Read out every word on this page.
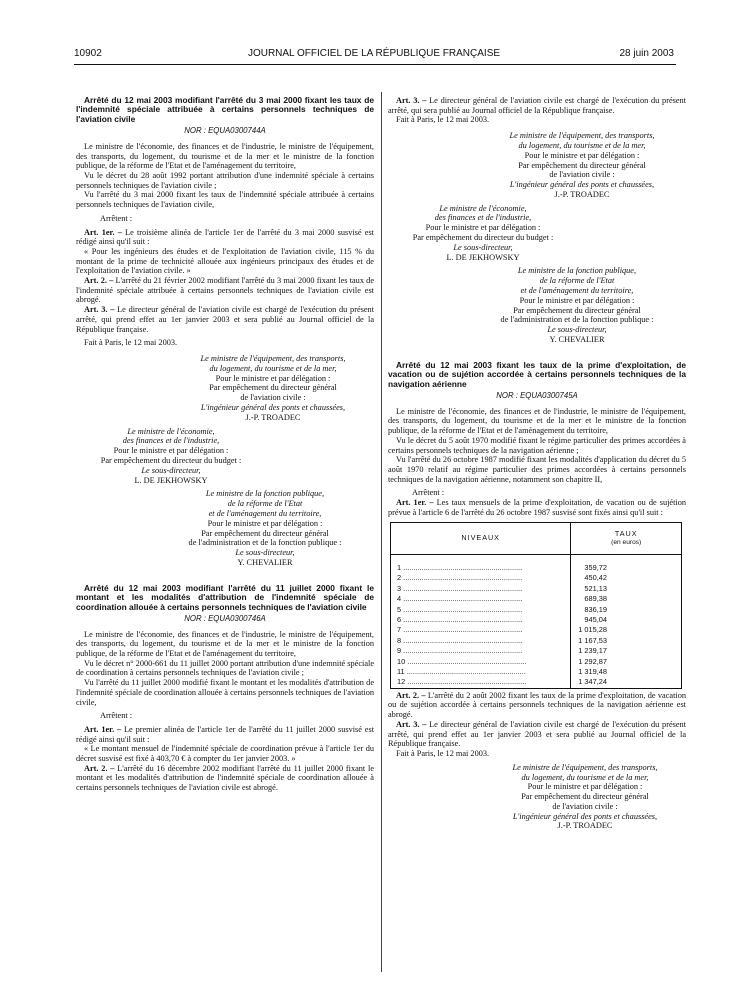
10902	JOURNAL OFFICIEL DE LA RÉPUBLIQUE FRANÇAISE	28 juin 2003

Arrêté du 12 mai 2003 modifiant l'arrêté du 3 mai 2000 fixant les taux de l'indemnité spéciale attribuée à certains personnels techniques de l'aviation civile

NOR : EQUA0300744A

Le ministre de l'économie, des finances et de l'industrie, le ministre de l'équipement, des transports, du logement, du tourisme et de la mer et le ministre de la fonction publique, de la réforme de l'Etat et de l'aménagement du territoire,

Vu le décret du 28 août 1992 portant attribution d'une indemnité spéciale à certains personnels techniques de l'aviation civile ;

Vu l'arrêté du 3 mai 2000 fixant les taux de l'indemnité spéciale attribuée à certains personnels techniques de l'aviation civile,

Arrêtent :

Art. 1er. – Le troisième alinéa de l'article 1er de l'arrêté du 3 mai 2000 susvisé est rédigé ainsi qu'il suit :

« Pour les ingénieurs des études et de l'exploitation de l'aviation civile, 115 % du montant de la prime de technicité allouée aux ingénieurs principaux des études et de l'exploitation de l'aviation civile. »

Art. 2. – L'arrêté du 21 février 2002 modifiant l'arrêté du 3 mai 2000 fixant les taux de l'indemnité spéciale attribuée à certains personnels techniques de l'aviation civile est abrogé.

Art. 3. – Le directeur général de l'aviation civile est chargé de l'exécution du présent arrêté, qui prend effet au 1er janvier 2003 et sera publié au Journal officiel de la République française.

Fait à Paris, le 12 mai 2003.

Le ministre de l'équipement, des transports,
du logement, du tourisme et de la mer,
Pour le ministre et par délégation :
Par empêchement du directeur général
de l'aviation civile :
L'ingénieur général des ponts et chaussées,
J.-P. TROADEC
Le ministre de l'économie,
des finances et de l'industrie,
Pour le ministre et par délégation :
Par empêchement du directeur du budget :
Le sous-directeur,
L. DE JEKHOWSKY
Le ministre de la fonction publique,
de la réforme de l'Etat
et de l'aménagement du territoire,
Pour le ministre et par délégation :
Par empêchement du directeur général
de l'administration et de la fonction publique :
Le sous-directeur,
Y. CHEVALIER

Arrêté du 12 mai 2003 modifiant l'arrêté du 11 juillet 2000 fixant le montant et les modalités d'attribution de l'indemnité spéciale de coordination allouée à certains personnels techniques de l'aviation civile

NOR : EQUA0300746A

Le ministre de l'économie, des finances et de l'industrie, le ministre de l'équipement, des transports, du logement, du tourisme et de la mer et le ministre de la fonction publique, de la réforme de l'Etat et de l'aménagement du territoire,

Vu le décret n° 2000-661 du 11 juillet 2000 portant attribution d'une indemnité spéciale de coordination à certains personnels techniques de l'aviation civile ;

Vu l'arrêté du 11 juillet 2000 modifié fixant le montant et les modalités d'attribution de l'indemnité spéciale de coordination allouée à certains personnels techniques de l'aviation civile,

Arrêtent :

Art. 1er. – Le premier alinéa de l'article 1er de l'arrêté du 11 juillet 2000 susvisé est rédigé ainsi qu'il suit :

« Le montant mensuel de l'indemnité spéciale de coordination prévue à l'article 1er du décret susvisé est fixé à 403,70 € à compter du 1er janvier 2003. »

Art. 2. – L'arrêté du 16 décembre 2002 modifiant l'arrêté du 11 juillet 2000 fixant le montant et les modalités d'attribution de l'indemnité spéciale de coordination allouée à certains personnels techniques de l'aviation civile est abrogé.

Art. 3. – Le directeur général de l'aviation civile est chargé de l'exécution du présent arrêté, qui sera publié au Journal officiel de la République française.

Fait à Paris, le 12 mai 2003.

Le ministre de l'équipement, des transports,
du logement, du tourisme et de la mer,
Pour le ministre et par délégation :
Par empêchement du directeur général
de l'aviation civile :
L'ingénieur général des ponts et chaussées,
J.-P. TROADEC
Le ministre de l'économie,
des finances et de l'industrie,
Pour le ministre et par délégation :
Par empêchement du directeur du budget :
Le sous-directeur,
L. DE JEKHOWSKY
Le ministre de la fonction publique,
de la réforme de l'Etat
et de l'aménagement du territoire,
Pour le ministre et par délégation :
Par empêchement du directeur général
de l'administration et de la fonction publique :
Le sous-directeur,
Y. CHEVALIER

Arrêté du 12 mai 2003 fixant les taux de la prime d'exploitation, de vacation ou de sujétion accordée à certains personnels techniques de la navigation aérienne

NOR : EQUA0300745A

Le ministre de l'économie, des finances et de l'industrie, le ministre de l'équipement, des transports, du logement, du tourisme et de la mer et le ministre de la fonction publique, de la réforme de l'Etat et de l'aménagement du territoire,

Vu le décret du 5 août 1970 modifié fixant le régime particulier des primes accordées à certains personnels techniques de la navigation aérienne ;

Vu l'arrêté du 26 octobre 1987 modifié fixant les modalités d'application du décret du 5 août 1970 relatif au régime particulier des primes accordées à certains personnels techniques de la navigation aérienne, notamment son chapitre II,

Arrêtent :

Art. 1er. – Les taux mensuels de la prime d'exploitation, de vacation ou de sujétion prévue à l'article 6 de l'arrêté du 26 octobre 1987 susvisé sont fixés ainsi qu'il suit :

NIVEAUX	TAUX
(en euros)

1 ..........................................................	359,72
2 ..........................................................	450,42
3 ..........................................................	521,13
4 ..........................................................	689,38
5 ..........................................................	836,19
6 ..........................................................	945,04
7 ..........................................................	1 015,28
8 ..........................................................	1 167,53
9 ..........................................................	1 239,17
10 ..........................................................	1 292,87
11 ..........................................................	1 319,48
12 ..........................................................	1 347,24

Art. 2. – L'arrêté du 2 août 2002 fixant les taux de la prime d'exploitation, de vacation ou de sujétion accordée à certains personnels techniques de la navigation aérienne est abrogé.

Art. 3. – Le directeur général de l'aviation civile est chargé de l'exécution du présent arrêté, qui prend effet au 1er janvier 2003 et sera publié au Journal officiel de la République française.

Fait à Paris, le 12 mai 2003.

Le ministre de l'équipement, des transports,
du logement, du tourisme et de la mer,
Pour le ministre et par délégation :
Par empêchement du directeur général
de l'aviation civile :
L'ingénieur général des ponts et chaussées,
J.-P. TROADEC
